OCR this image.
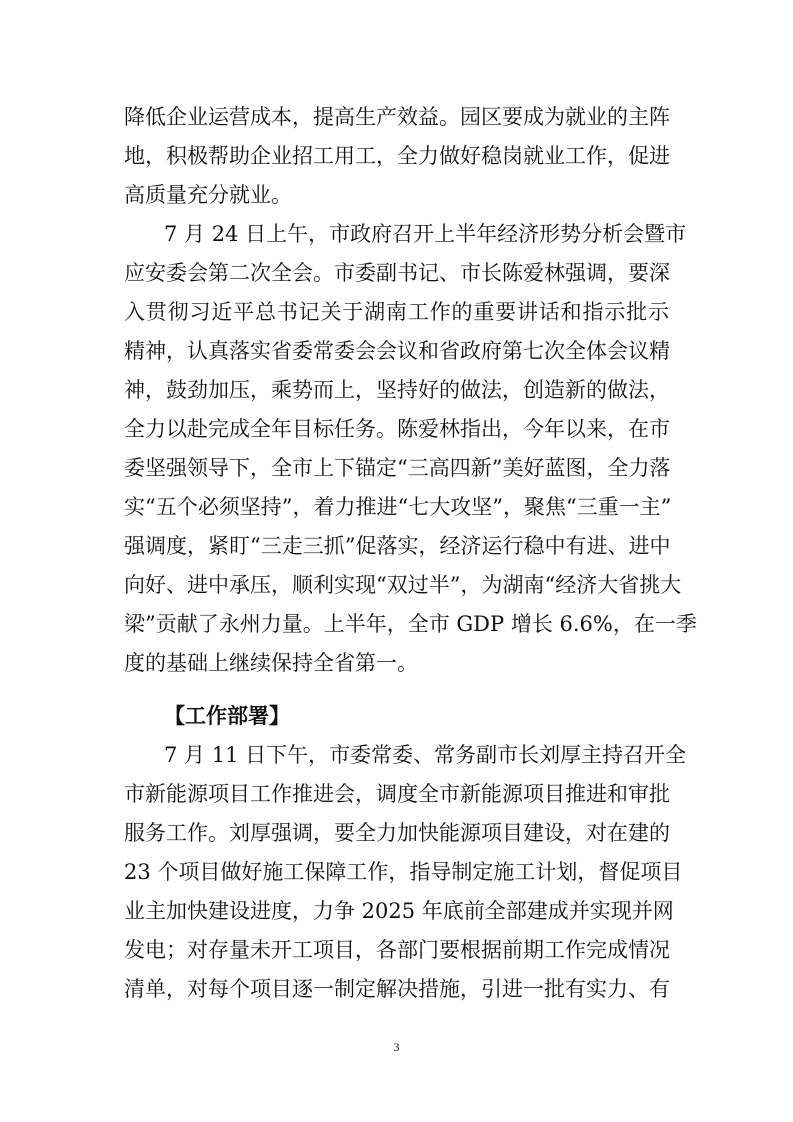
降低企业运营成本，提高生产效益。园区要成为就业的主阵
地，积极帮助企业招工用工，全力做好稳岗就业工作，促进
高质量充分就业。
7 月 24 日上午，市政府召开上半年经济形势分析会暨市
应安委会第二次全会。市委副书记、市长陈爱林强调，要深
入贯彻习近平总书记关于湖南工作的重要讲话和指示批示
精神，认真落实省委常委会会议和省政府第七次全体会议精
神，鼓劲加压，乘势而上，坚持好的做法，创造新的做法，
全力以赴完成全年目标任务。陈爱林指出，今年以来，在市
委坚强领导下，全市上下锚定“三高四新”美好蓝图，全力落
实“五个必须坚持”，着力推进“七大攻坚”，聚焦“三重一主”
强调度，紧盯“三走三抓”促落实，经济运行稳中有进、进中
向好、进中承压，顺利实现“双过半”，为湖南“经济大省挑大
梁”贡献了永州力量。上半年，全市 GDP 增长 6.6%，在一季
度的基础上继续保持全省第一。
【工作部署】
7 月 11 日下午，市委常委、常务副市长刘厚主持召开全
市新能源项目工作推进会，调度全市新能源项目推进和审批
服务工作。刘厚强调，要全力加快能源项目建设，对在建的
23 个项目做好施工保障工作，指导制定施工计划，督促项目
业主加快建设进度，力争 2025 年底前全部建成并实现并网
发电；对存量未开工项目，各部门要根据前期工作完成情况
清单，对每个项目逐一制定解决措施，引进一批有实力、有
3
